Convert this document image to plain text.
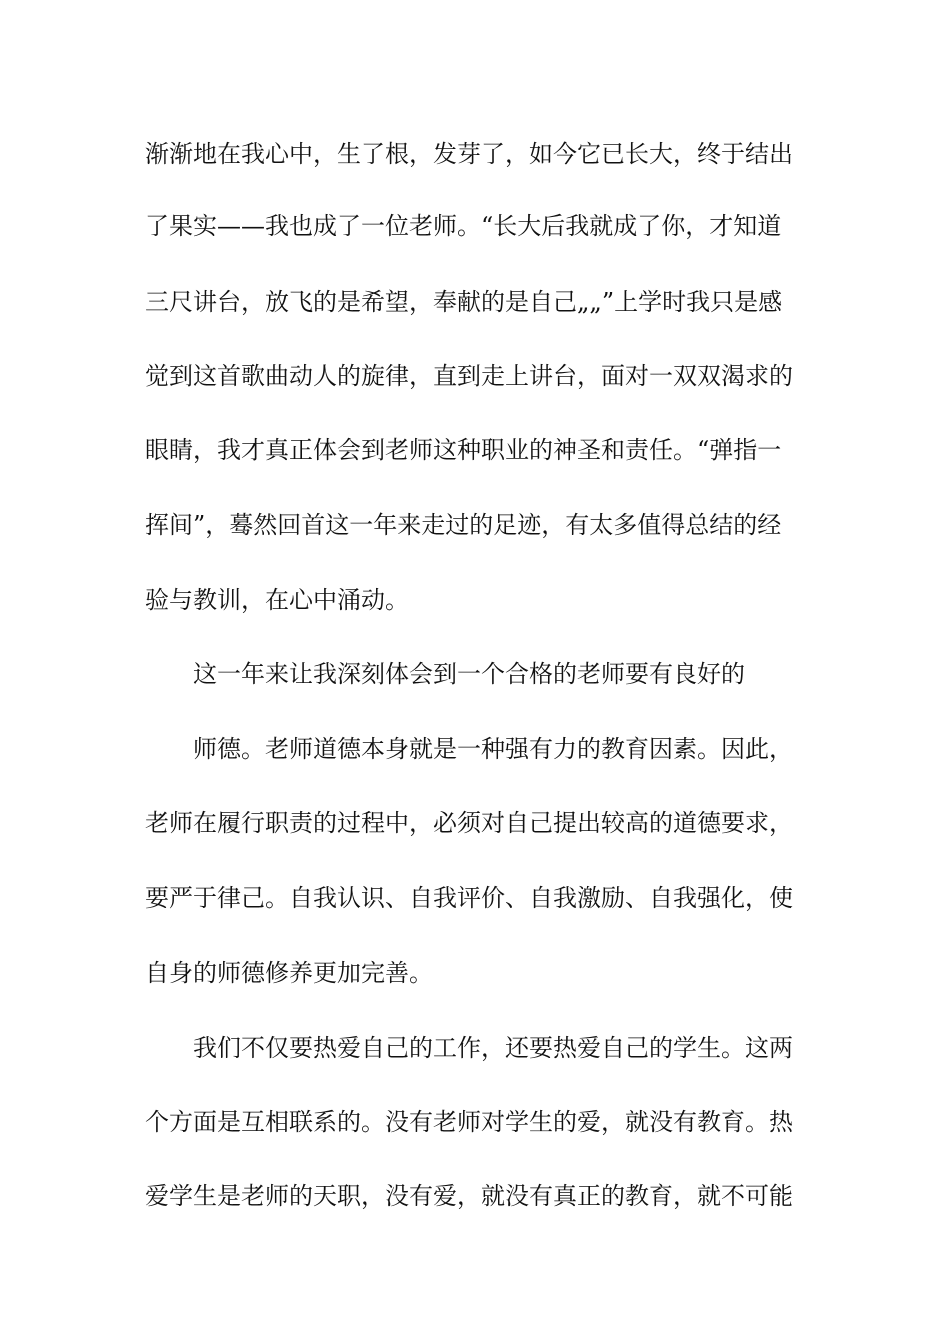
渐渐地在我心中，生了根，发芽了，如今它已长大，终于结出
了果实——我也成了一位老师。“长大后我就成了你，才知道
三尺讲台，放飞的是希望，奉献的是自己„„”上学时我只是感
觉到这首歌曲动人的旋律，直到走上讲台，面对一双双渴求的
眼睛，我才真正体会到老师这种职业的神圣和责任。“弹指一
挥间”，蓦然回首这一年来走过的足迹，有太多值得总结的经
验与教训，在心中涌动。
这一年来让我深刻体会到一个合格的老师要有良好的
师德。老师道德本身就是一种强有力的教育因素。因此，
老师在履行职责的过程中，必须对自己提出较高的道德要求，
要严于律己。自我认识、自我评价、自我激励、自我强化，使
自身的师德修养更加完善。
我们不仅要热爱自己的工作，还要热爱自己的学生。这两
个方面是互相联系的。没有老师对学生的爱，就没有教育。热
爱学生是老师的天职，没有爱，就没有真正的教育，就不可能
